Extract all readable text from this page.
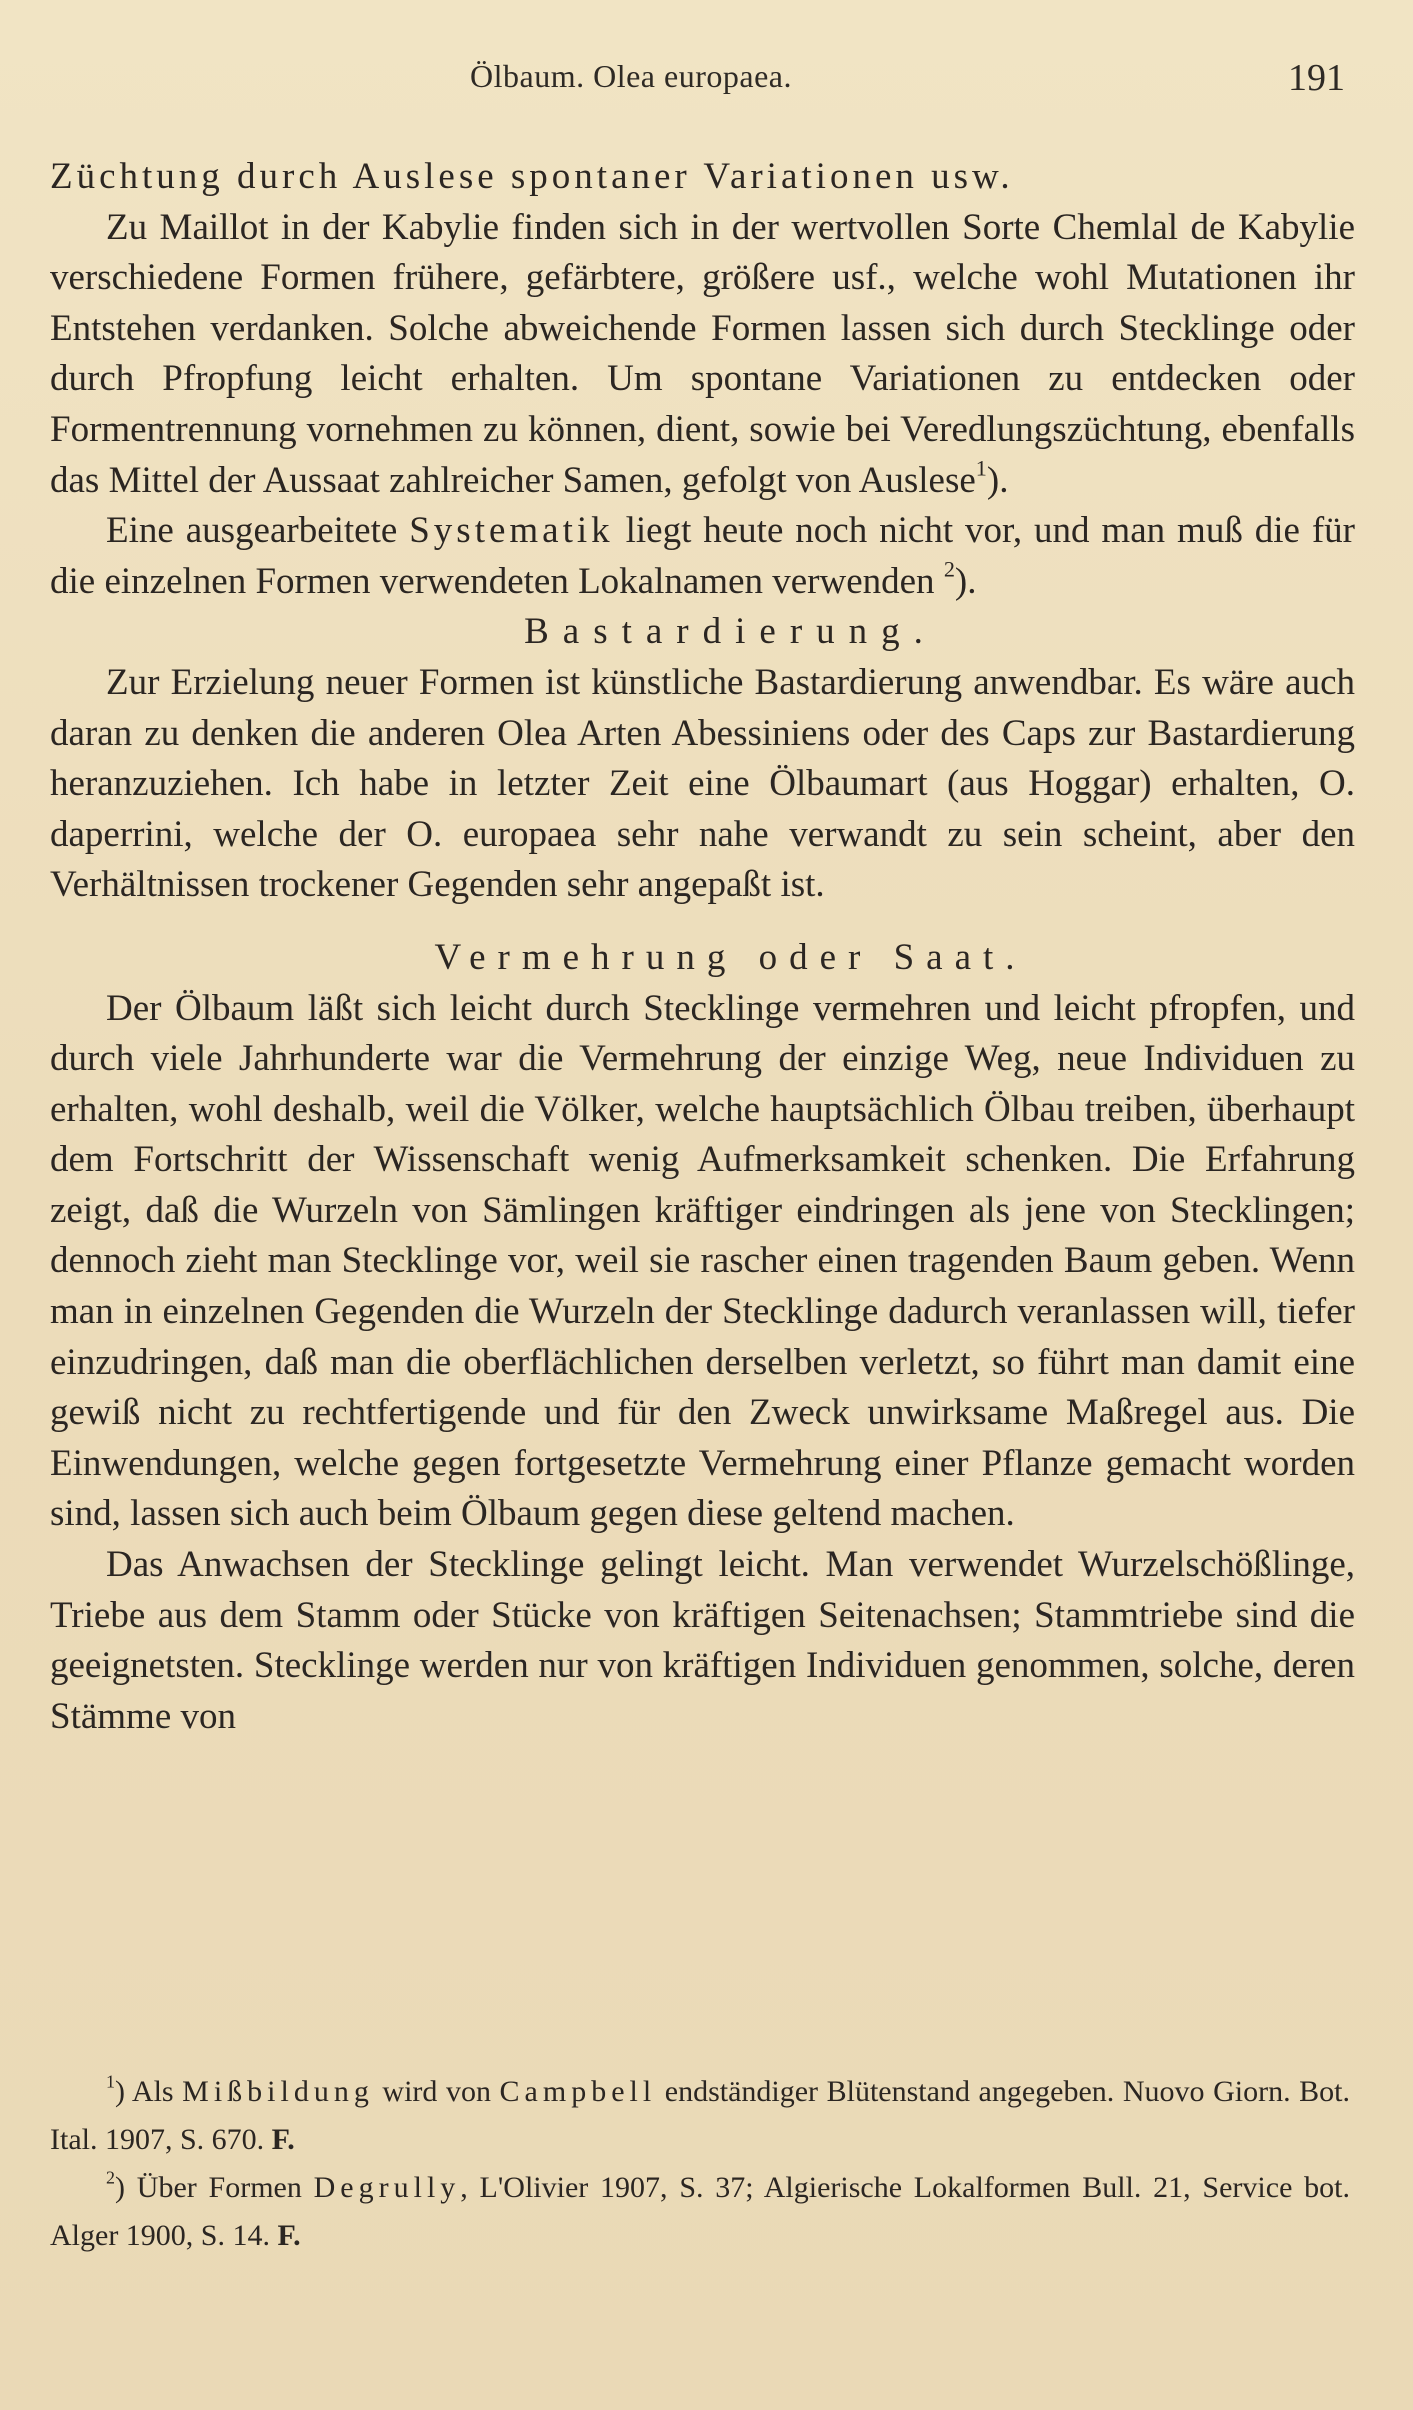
Ölbaum. Olea europaea.	191

Züchtung durch Auslese spontaner Variationen usw.

Zu Maillot in der Kabylie finden sich in der wertvollen Sorte Chemlal de Kabylie verschiedene Formen frühere, gefärbtere, größere usf., welche wohl Mutationen ihr Entstehen verdanken. Solche abweichende Formen lassen sich durch Stecklinge oder durch Pfropfung leicht erhalten. Um spontane Variationen zu entdecken oder Formentrennung vornehmen zu können, dient, sowie bei Veredlungszüchtung, ebenfalls das Mittel der Aussaat zahlreicher Samen, gefolgt von Auslese$^1$).

Eine ausgearbeitete Systematik liegt heute noch nicht vor, und man muß die für die einzelnen Formen verwendeten Lokalnamen verwenden $^2$).

Bastardierung.

Zur Erzielung neuer Formen ist künstliche Bastardierung anwendbar. Es wäre auch daran zu denken die anderen Olea Arten Abessiniens oder des Caps zur Bastardierung heranzuziehen. Ich habe in letzter Zeit eine Ölbaumart (aus Hoggar) erhalten, O. daperrini, welche der O. europaea sehr nahe verwandt zu sein scheint, aber den Verhältnissen trockener Gegenden sehr angepaßt ist.

Vermehrung oder Saat.

Der Ölbaum läßt sich leicht durch Stecklinge vermehren und leicht pfropfen, und durch viele Jahrhunderte war die Vermehrung der einzige Weg, neue Individuen zu erhalten, wohl deshalb, weil die Völker, welche hauptsächlich Ölbau treiben, überhaupt dem Fortschritt der Wissenschaft wenig Aufmerksamkeit schenken. Die Erfahrung zeigt, daß die Wurzeln von Sämlingen kräftiger eindringen als jene von Stecklingen; dennoch zieht man Stecklinge vor, weil sie rascher einen tragenden Baum geben. Wenn man in einzelnen Gegenden die Wurzeln der Stecklinge dadurch veranlassen will, tiefer einzudringen, daß man die oberflächlichen derselben verletzt, so führt man damit eine gewiß nicht zu rechtfertigende und für den Zweck unwirksame Maßregel aus. Die Einwendungen, welche gegen fortgesetzte Vermehrung einer Pflanze gemacht worden sind, lassen sich auch beim Ölbaum gegen diese geltend machen.

Das Anwachsen der Stecklinge gelingt leicht. Man verwendet Wurzelschößlinge, Triebe aus dem Stamm oder Stücke von kräftigen Seitenachsen; Stammtriebe sind die geeignetsten. Stecklinge werden nur von kräftigen Individuen genommen, solche, deren Stämme von

$^1$) Als Mißbildung wird von Campbell endständiger Blütenstand angegeben. Nuovo Giorn. Bot. Ital. 1907, S. 670. F.

$^2$) Über Formen Degrully, L'Olivier 1907, S. 37; Algierische Lokalformen Bull. 21, Service bot. Alger 1900, S. 14. F.
